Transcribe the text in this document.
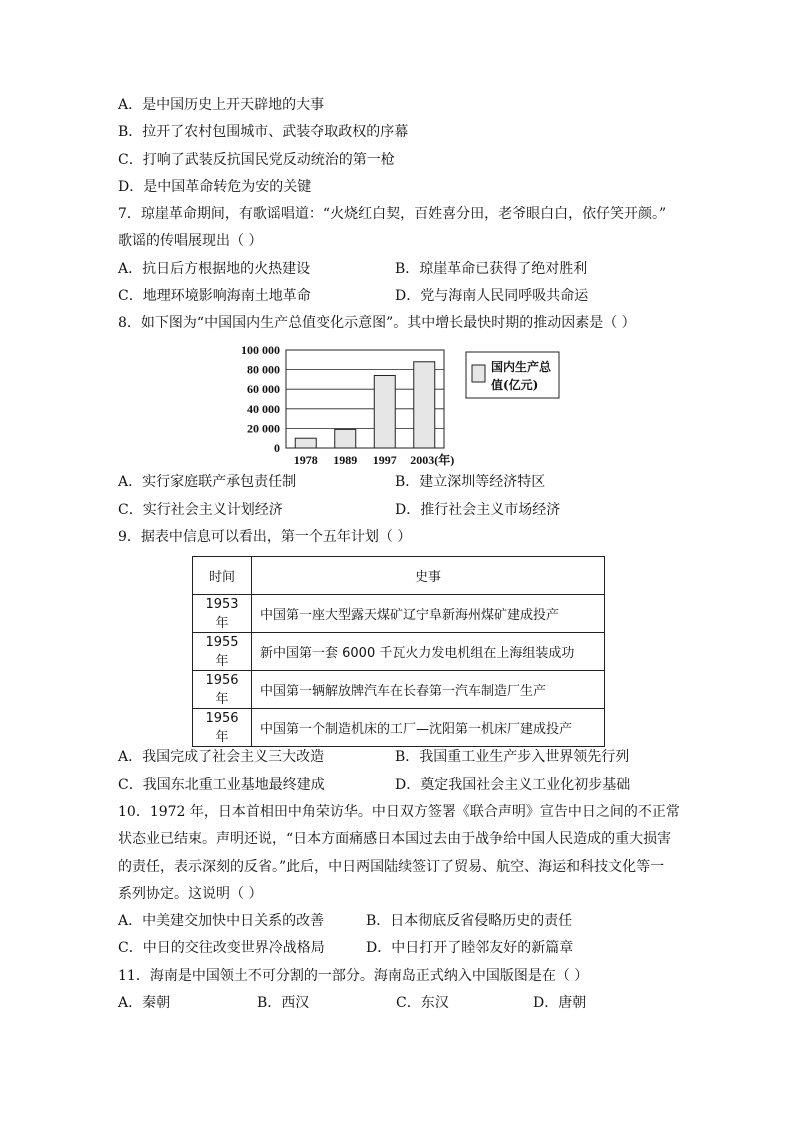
A．是中国历史上开天辟地的大事
B．拉开了农村包围城市、武装夺取政权的序幕
C．打响了武装反抗国民党反动统治的第一枪
D．是中国革命转危为安的关键
7．琼崖革命期间，有歌谣唱道：“火烧红白契，百姓喜分田，老爷眼白白，依仔笑开颜。”
歌谣的传唱展现出（ ）
A．抗日后方根据地的火热建设	B．琼崖革命已获得了绝对胜利
C．地理环境影响海南土地革命	D．党与海南人民同呼吸共命运
8．如下图为“中国国内生产总值变化示意图”。其中增长最快时期的推动因素是（ ）
100 000
80 000
60 000
40 000
20 000
0
1978 1989 1997 2003(年)
国内生产总
值(亿元)
A．实行家庭联产承包责任制	B．建立深圳等经济特区
C．实行社会主义计划经济	D．推行社会主义市场经济
9．据表中信息可以看出，第一个五年计划（ ）
时间	史事
1953 年	中国第一座大型露天煤矿辽宁阜新海州煤矿建成投产
1955 年	新中国第一套 6000 千瓦火力发电机组在上海组装成功
1956 年	中国第一辆解放牌汽车在长春第一汽车制造厂生产
1956 年	中国第一个制造机床的工厂—沈阳第一机床厂建成投产
A．我国完成了社会主义三大改造	B．我国重工业生产步入世界领先行列
C．我国东北重工业基地最终建成	D．奠定我国社会主义工业化初步基础
10．1972 年，日本首相田中角荣访华。中日双方签署《联合声明》宣告中日之间的不正常
状态业已结束。声明还说，“日本方面痛感日本国过去由于战争给中国人民造成的重大损害
的责任，表示深刻的反省。”此后，中日两国陆续签订了贸易、航空、海运和科技文化等一
系列协定。这说明（ ）
A．中美建交加快中日关系的改善	B．日本彻底反省侵略历史的责任
C．中日的交往改变世界冷战格局	D．中日打开了睦邻友好的新篇章
11．海南是中国领土不可分割的一部分。海南岛正式纳入中国版图是在（ ）
A．秦朝	B．西汉	C．东汉	D．唐朝
